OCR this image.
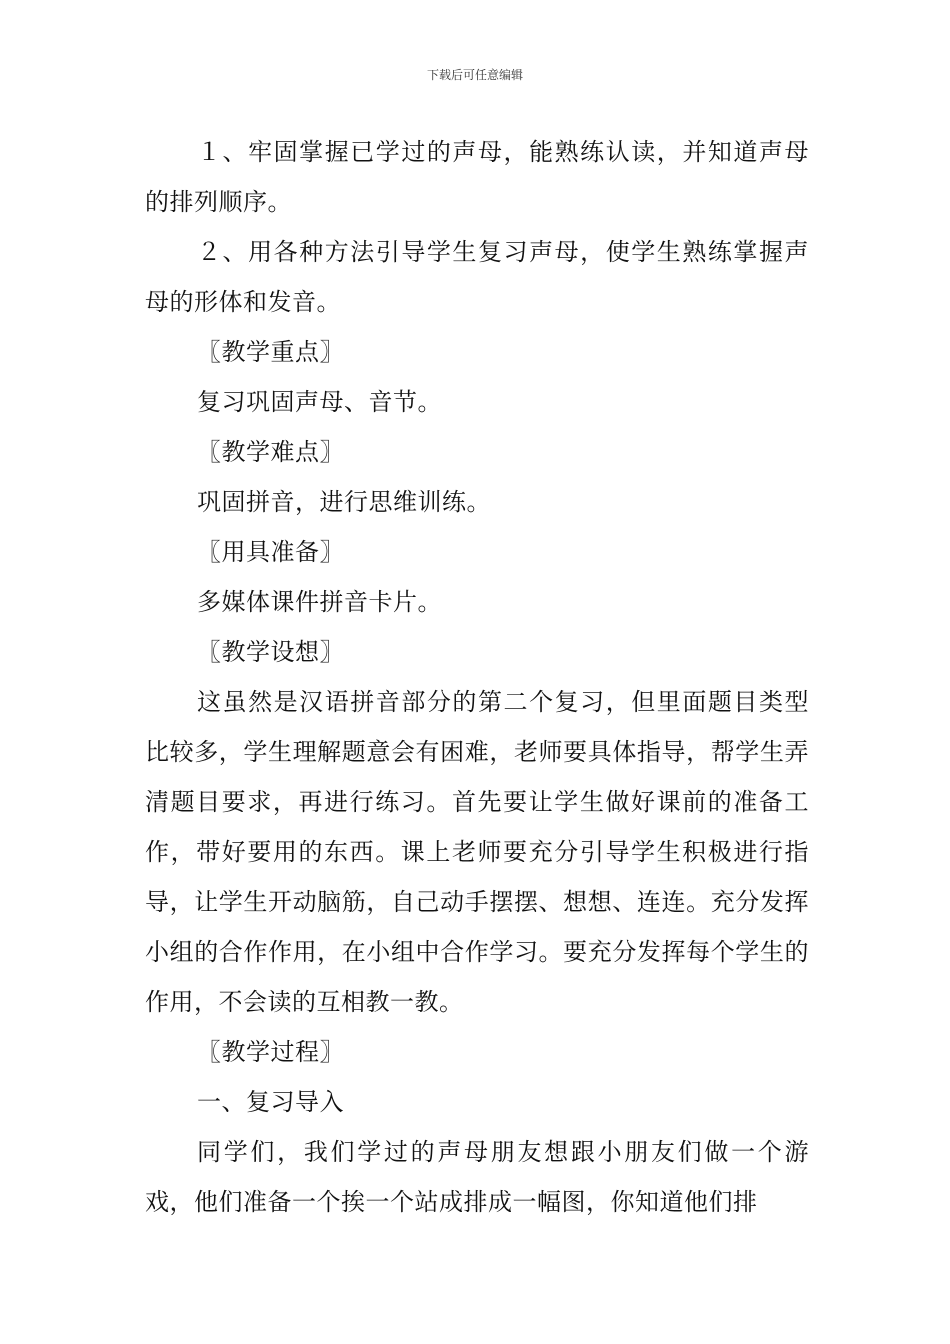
下载后可任意编辑

１、牢固掌握已学过的声母，能熟练认读，并知道声母的排列顺序。

２、用各种方法引导学生复习声母，使学生熟练掌握声母的形体和发音。

〖教学重点〗

复习巩固声母、音节。

〖教学难点〗

巩固拼音，进行思维训练。

〖用具准备〗

多媒体课件拼音卡片。

〖教学设想〗

这虽然是汉语拼音部分的第二个复习，但里面题目类型比较多，学生理解题意会有困难，老师要具体指导，帮学生弄清题目要求，再进行练习。首先要让学生做好课前的准备工作，带好要用的东西。课上老师要充分引导学生积极进行指导，让学生开动脑筋，自己动手摆摆、想想、连连。充分发挥小组的合作作用，在小组中合作学习。要充分发挥每个学生的作用，不会读的互相教一教。

〖教学过程〗

一、复习导入

同学们，我们学过的声母朋友想跟小朋友们做一个游戏，他们准备一个挨一个站成排成一幅图，你知道他们排
